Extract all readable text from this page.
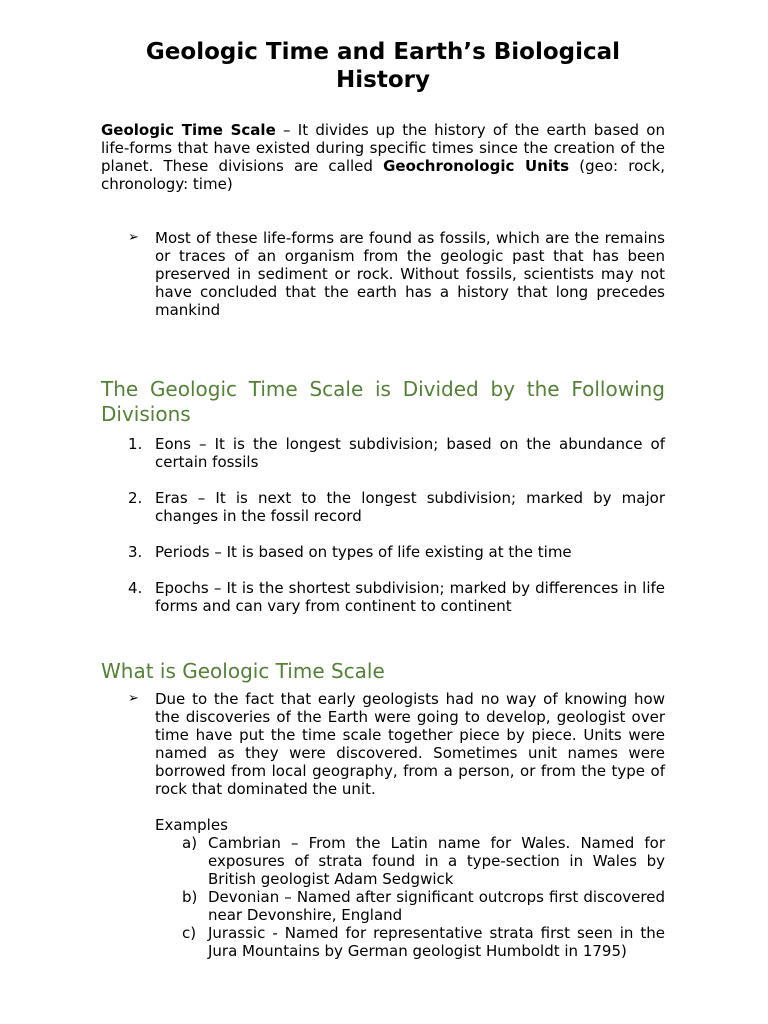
Geologic Time and Earth’s Biological History
Geologic Time Scale – It divides up the history of the earth based on life-forms that have existed during specific times since the creation of the planet. These divisions are called Geochronologic Units (geo: rock, chronology: time)
➢ Most of these life-forms are found as fossils, which are the remains or traces of an organism from the geologic past that has been preserved in sediment or rock. Without fossils, scientists may not have concluded that the earth has a history that long precedes mankind
The Geologic Time Scale is Divided by the Following Divisions
1. Eons – It is the longest subdivision; based on the abundance of certain fossils
2. Eras – It is next to the longest subdivision; marked by major changes in the fossil record
3. Periods – It is based on types of life existing at the time
4. Epochs – It is the shortest subdivision; marked by differences in life forms and can vary from continent to continent
What is Geologic Time Scale
➢ Due to the fact that early geologists had no way of knowing how the discoveries of the Earth were going to develop, geologist over time have put the time scale together piece by piece. Units were named as they were discovered. Sometimes unit names were borrowed from local geography, from a person, or from the type of rock that dominated the unit.
Examples
a) Cambrian – From the Latin name for Wales. Named for exposures of strata found in a type-section in Wales by British geologist Adam Sedgwick
b) Devonian – Named after significant outcrops first discovered near Devonshire, England
c) Jurassic - Named for representative strata first seen in the Jura Mountains by German geologist Humboldt in 1795)
